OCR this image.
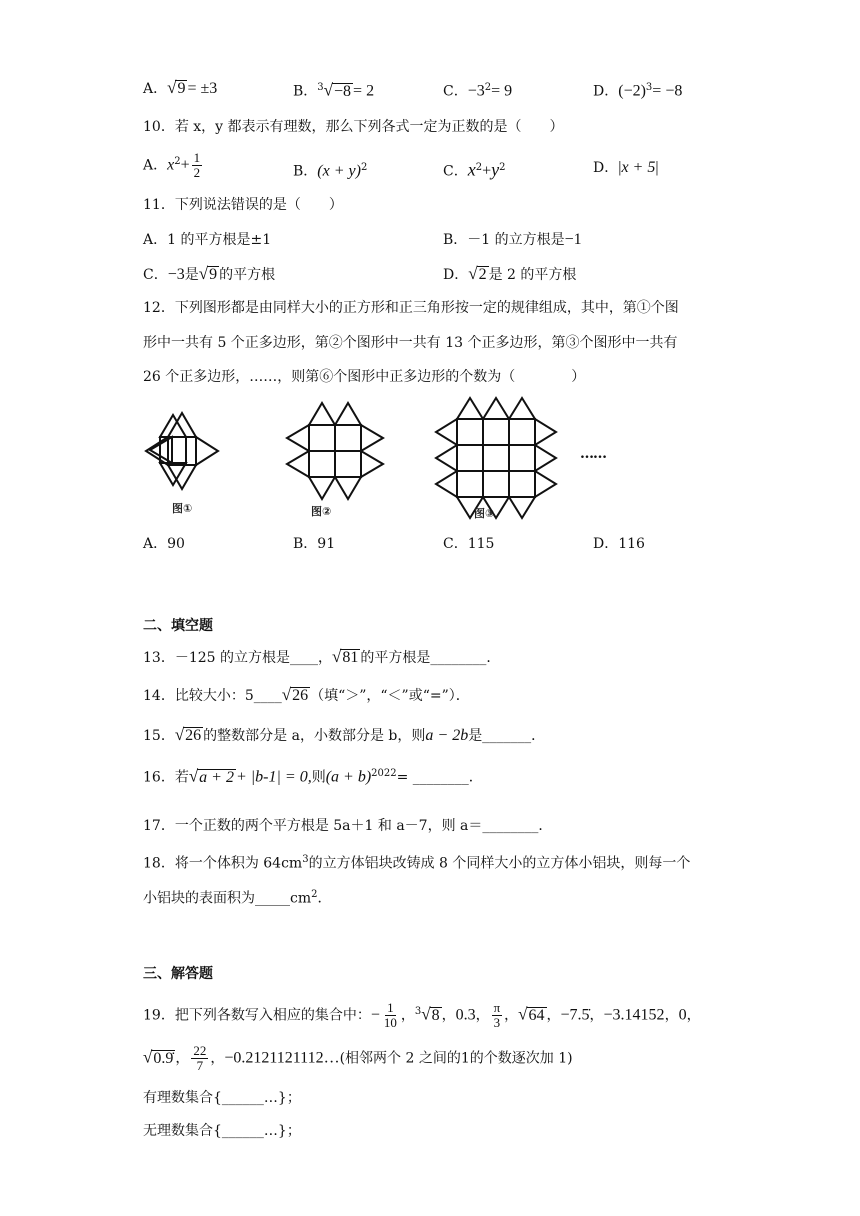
A．√9 = ±3	B．$^3$√−8 = 2	C．$-3^2= 9$	D．$(-2)^3= -8$
10．若 x，y 都表示有理数，那么下列各式一定为正数的是（　　）
A．$x^2+ \frac{1}{2}$	B．$(x + y)^2$	C．$x^2+y^2$	D．|x + 5|
11．下列说法错误的是（　　）
A．1 的平方根是±1	B．－1 的立方根是−1
C．−3是√9 的平方根	D．√2 是 2 的平方根
12．下列图形都是由同样大小的正方形和正三角形按一定的规律组成，其中，第①个图
形中一共有 5 个正多边形，第②个图形中一共有 13 个正多边形，第③个图形中一共有
26 个正多边形，……，则第⑥个图形中正多边形的个数为（　　　　）
图①	图②	图③
……
A．90	B．91	C．115	D．116
二、填空题
13．－125 的立方根是____，√81 的平方根是________．
14．比较大小：5____√26 （填“＞”，“＜”或“=”）．
15．√26 的整数部分是 a，小数部分是 b，则a − 2b是_______．
16．若√a + 2 + |b-1| = 0,则$(a + b)^{2022}=$ ________．
17．一个正数的两个平方根是 5a＋1 和 a－7，则 a＝________．
18．将一个体积为 $64cm^3$的立方体铝块改铸成 8 个同样大小的立方体小铝块，则每一个
小铝块的表面积为$\_\_\_\_\_cm^2$．
三、解答题
19．把下列各数写入相应的集合中：− $\frac{1}{10}$ ，$^3$√8 ，0.3， $\frac{\pi}{3}$ ，√64 ，−7.5̇，−3.14152，0，
√0.9̇ ， $\frac{22}{7}$ ，−0.2121121112…(相邻两个 2 之间的1的个数逐次加 1)
有理数集合{______…}；
无理数集合{______…}；
